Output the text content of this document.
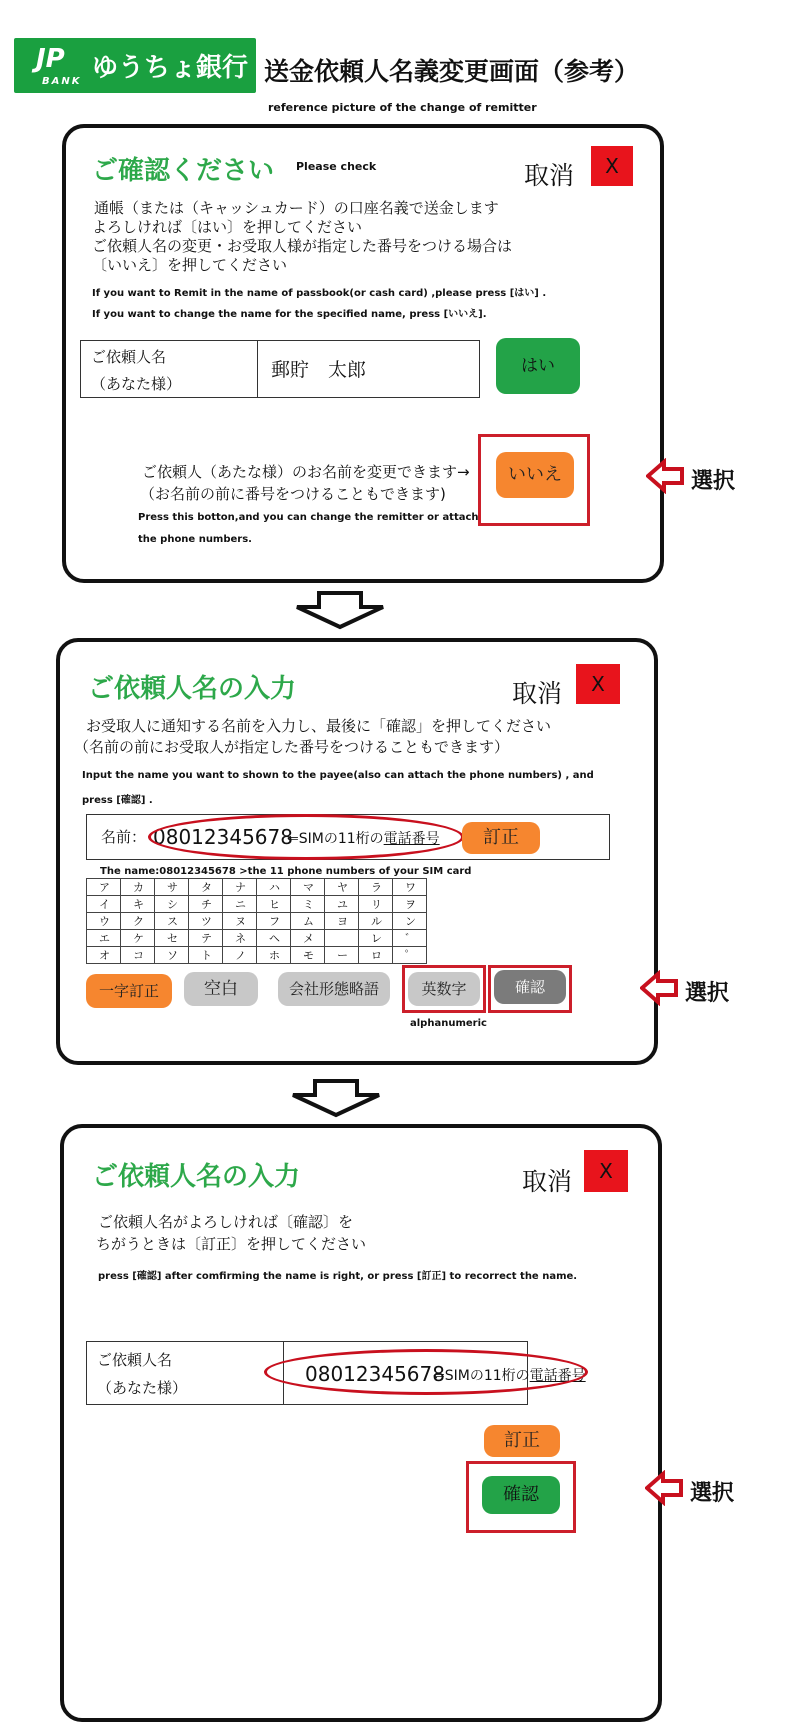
JP
BANK ゆうちょ銀行 送金依頼人名義変更画面（参考）
reference picture of the change of remitter
ご確認ください Please check	取消	X
通帳（または（キャッシュカード）の口座名義で送金します
よろしければ〔はい〕を押してください
ご依頼人名の変更・お受取人様が指定した番号をつける場合は
〔いいえ〕を押してください
If you want to Remit in the name of passbook(or cash card) ,please press [はい] .
If you want to change the name for the specified name, press [いいえ].
ご依頼人名
（あなた様）
郵貯　太郎	はい
いいえ
ご依頼人（あたな様）のお名前を変更できます→
（お名前の前に番号をつけることもできます)
Press this botton,and you can change the remitter or attach
the phone numbers.
選択
ご依頼人名の入力	取消	X
お受取人に通知する名前を入力し、最後に「確認」を押してください
（名前の前にお受取人が指定した番号をつけることもできます）
Input the name you want to shown to the payee(also can attach the phone numbers) , and
press [確認] .
名前： 08012345678
⇐SIMの11桁の電話番号	訂正
The name:08012345678 >the 11 phone numbers of your SIM card
ア	カ	サ	タ	ナ	ハ	マ	ヤ	ラ	ワ
イ	キ	シ	チ	ニ	ヒ	ミ	ユ	リ	ヲ
ウ	ク	ス	ツ	ヌ	フ	ム	ヨ	ル	ン
エ	ケ	セ	テ	ネ	ヘ	メ		レ	゛
オ	コ	ソ	ト	ノ	ホ	モ	ー	ロ	゜
一字訂正	空白	会社形態略語	英数字
alphanumeric
確認	選択
ご依頼人名の入力	取消	X
ご依頼人名がよろしければ〔確認〕を
ちがうときは〔訂正〕を押してください
press [確認] after comfirming the name is right, or press [訂正] to recorrect the name.
ご依頼人名
（あなた様）
08012345678
⇐SIMの11桁の電話番号
訂正
確認	選択
